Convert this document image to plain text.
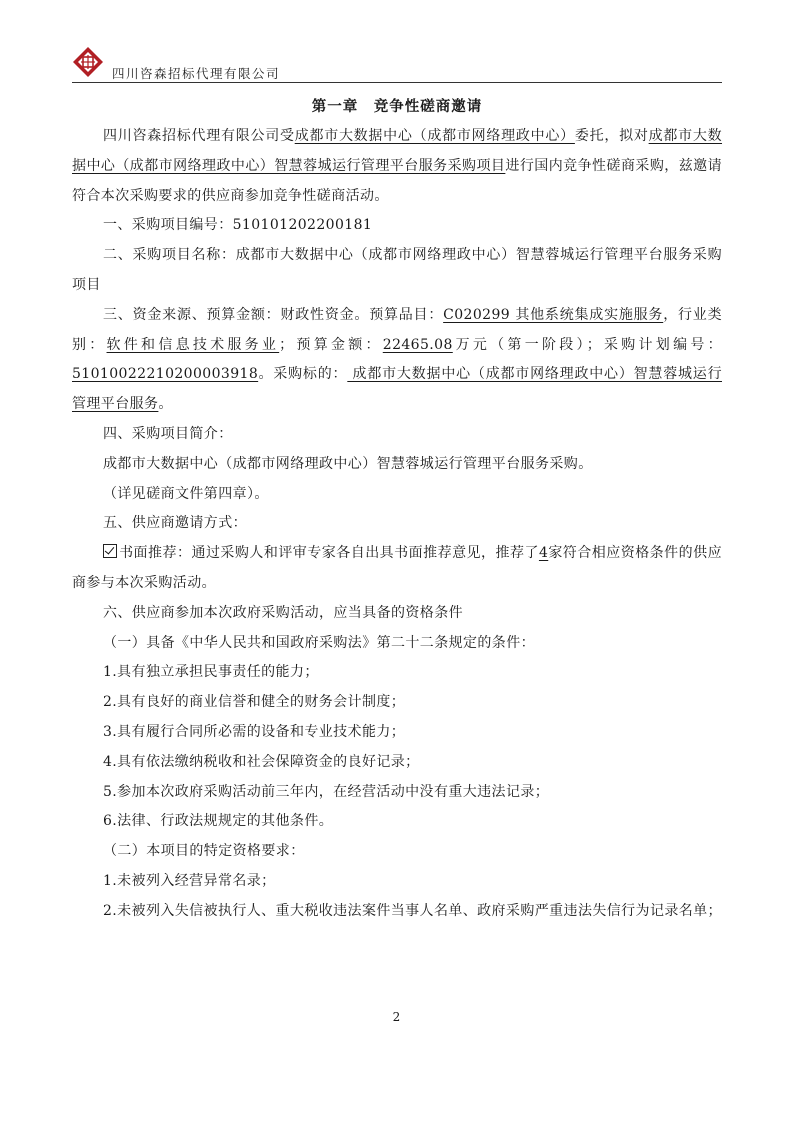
四川咨森招标代理有限公司
第一章　竞争性磋商邀请

四川咨森招标代理有限公司受成都市大数据中心（成都市网络理政中心）委托，拟对成都市大数据中心（成都市网络理政中心）智慧蓉城运行管理平台服务采购项目进行国内竞争性磋商采购，兹邀请符合本次采购要求的供应商参加竞争性磋商活动。

一、采购项目编号：510101202200181

二、采购项目名称：成都市大数据中心（成都市网络理政中心）智慧蓉城运行管理平台服务采购项目

三、资金来源、预算金额：财政性资金。预算品目：C020299 其他系统集成实施服务，行业类别：软件和信息技术服务业；预算金额：22465.08万元（第一阶段）；采购计划编号：51010022210200003918。采购标的： 成都市大数据中心（成都市网络理政中心）智慧蓉城运行管理平台服务。

四、采购项目简介：

成都市大数据中心（成都市网络理政中心）智慧蓉城运行管理平台服务采购。

（详见磋商文件第四章）。

五、供应商邀请方式：

书面推荐：通过采购人和评审专家各自出具书面推荐意见，推荐了4家符合相应资格条件的供应商参与本次采购活动。

六、供应商参加本次政府采购活动，应当具备的资格条件

（一）具备《中华人民共和国政府采购法》第二十二条规定的条件：

1.具有独立承担民事责任的能力；

2.具有良好的商业信誉和健全的财务会计制度；

3.具有履行合同所必需的设备和专业技术能力；

4.具有依法缴纳税收和社会保障资金的良好记录；

5.参加本次政府采购活动前三年内，在经营活动中没有重大违法记录；

6.法律、行政法规规定的其他条件。

（二）本项目的特定资格要求：

1.未被列入经营异常名录；

2.未被列入失信被执行人、重大税收违法案件当事人名单、政府采购严重违法失信行为记录名单；

2
